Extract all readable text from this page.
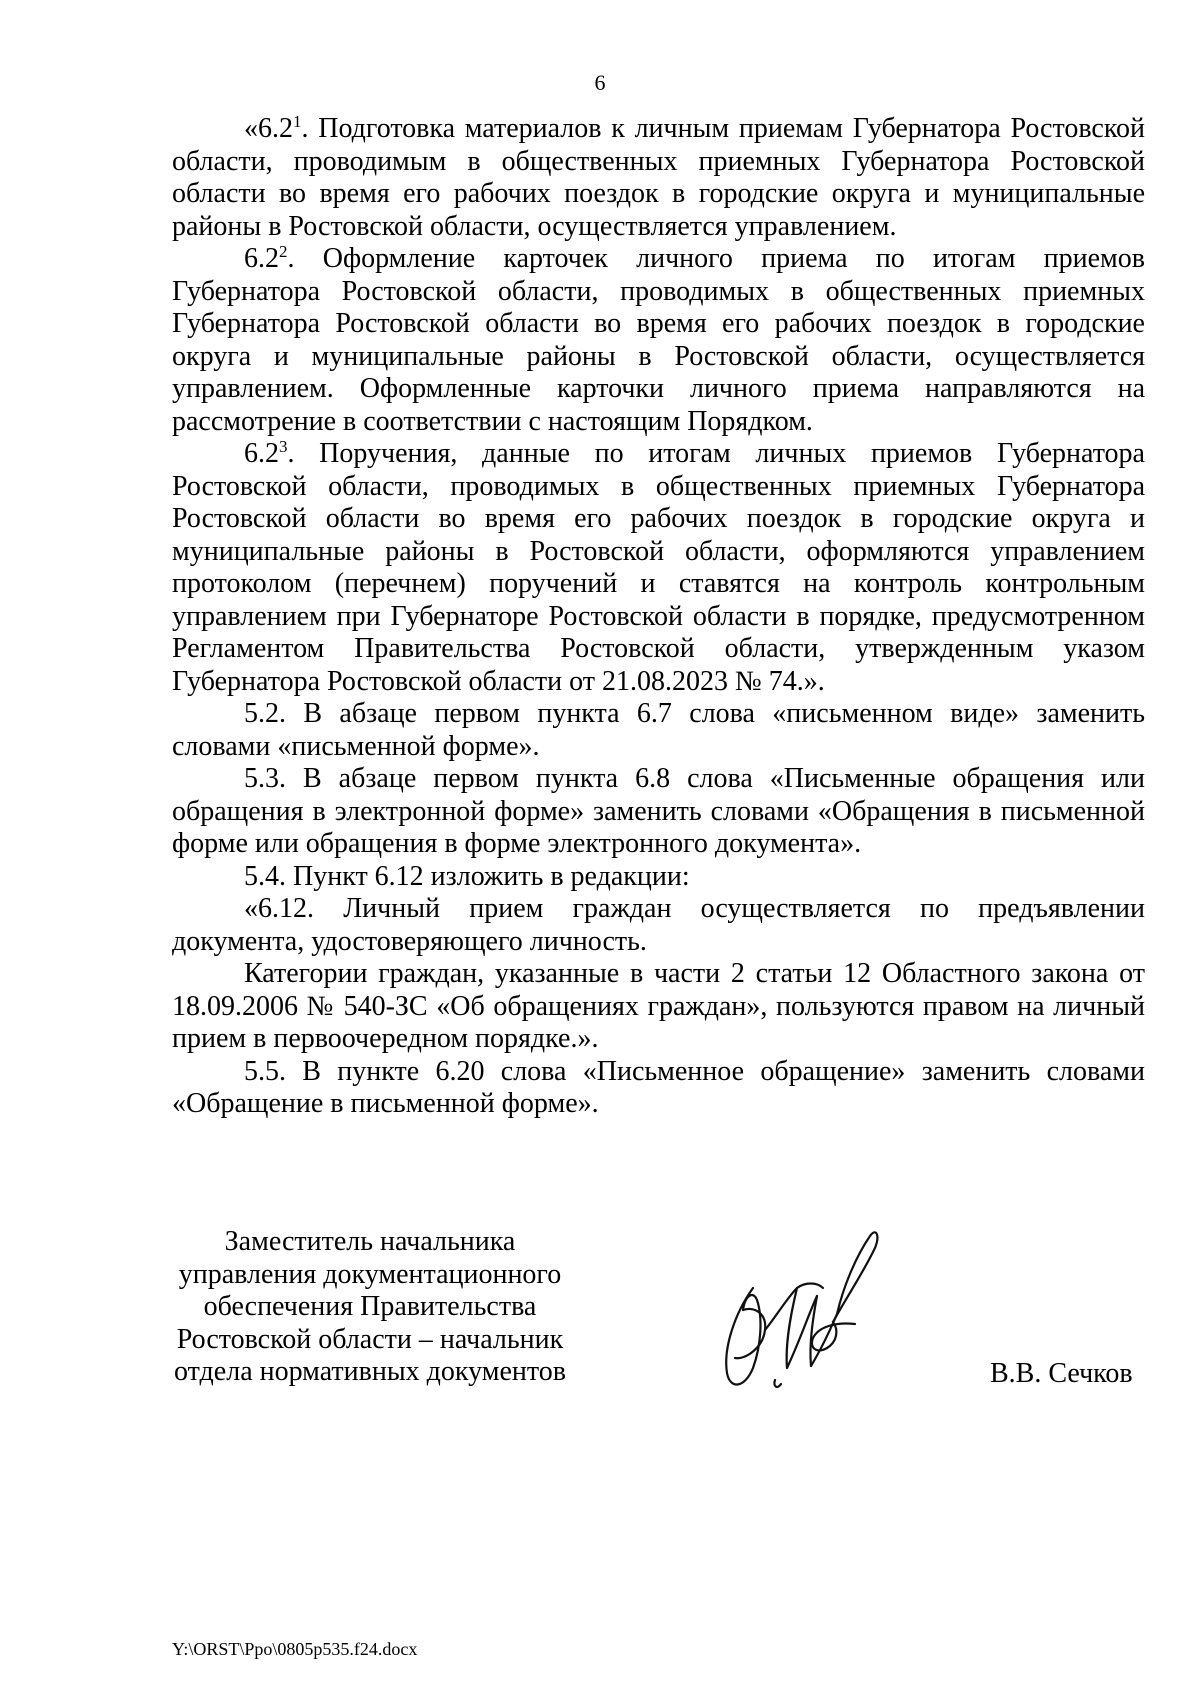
6

«$6.2^1$. Подготовка материалов к личным приемам Губернатора Ростовской области, проводимым в общественных приемных Губернатора Ростовской области во время его рабочих поездок в городские округа и муниципальные районы в Ростовской области, осуществляется управлением.

$6.2^2$. Оформление карточек личного приема по итогам приемов Губернатора Ростовской области, проводимых в общественных приемных Губернатора Ростовской области во время его рабочих поездок в городские округа и муниципальные районы в Ростовской области, осуществляется управлением. Оформленные карточки личного приема направляются на рассмотрение в соответствии с настоящим Порядком.

$6.2^3$. Поручения, данные по итогам личных приемов Губернатора Ростовской области, проводимых в общественных приемных Губернатора Ростовской области во время его рабочих поездок в городские округа и муниципальные районы в Ростовской области, оформляются управлением протоколом (перечнем) поручений и ставятся на контроль контрольным управлением при Губернаторе Ростовской области в порядке, предусмотренном Регламентом Правительства Ростовской области, утвержденным указом Губернатора Ростовской области от 21.08.2023 № 74.».

5.2. В абзаце первом пункта 6.7 слова «письменном виде» заменить словами «письменной форме».

5.3. В абзаце первом пункта 6.8 слова «Письменные обращения или обращения в электронной форме» заменить словами «Обращения в письменной форме или обращения в форме электронного документа».

5.4. Пункт 6.12 изложить в редакции:

«6.12. Личный прием граждан осуществляется по предъявлении документа, удостоверяющего личность.

Категории граждан, указанные в части 2 статьи 12 Областного закона от 18.09.2006 № 540-ЗС «Об обращениях граждан», пользуются правом на личный прием в первоочередном порядке.».

5.5. В пункте 6.20 слова «Письменное обращение» заменить словами «Обращение в письменной форме».

Заместитель начальника
управления документационного
обеспечения Правительства
Ростовской области – начальник
отдела нормативных документов	В.В. Сечков
Y:\ORST\Ppo\0805p535.f24.docx
